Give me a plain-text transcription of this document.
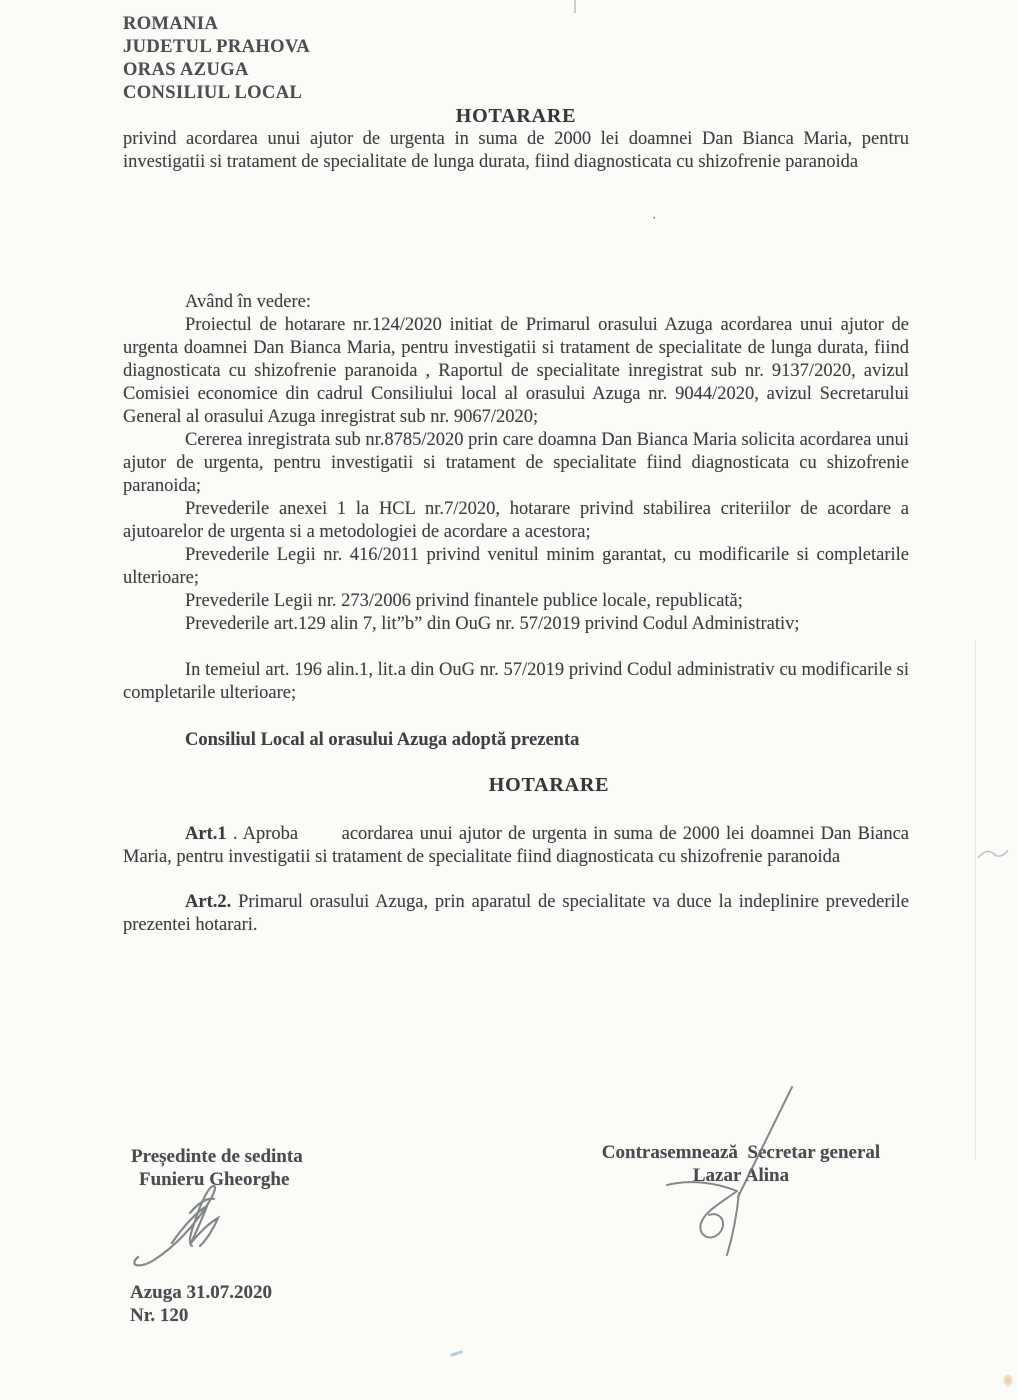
ROMANIA
JUDETUL PRAHOVA
ORAS AZUGA
CONSILIUL LOCAL

HOTARARE

privind acordarea unui ajutor de urgenta in suma de 2000 lei doamnei Dan Bianca Maria, pentru investigatii si tratament de specialitate de lunga durata, fiind diagnosticata cu shizofrenie paranoida

Având în vedere:

Proiectul de hotarare nr.124/2020 initiat de Primarul orasului Azuga acordarea unui ajutor de urgenta doamnei Dan Bianca Maria, pentru investigatii si tratament de specialitate de lunga durata, fiind diagnosticata cu shizofrenie paranoida , Raportul de specialitate inregistrat sub nr. 9137/2020, avizul Comisiei economice din cadrul Consiliului local al orasului Azuga nr. 9044/2020, avizul Secretarului General al orasului Azuga inregistrat sub nr. 9067/2020;

Cererea inregistrata sub nr.8785/2020 prin care doamna Dan Bianca Maria solicita acordarea unui ajutor de urgenta, pentru investigatii si tratament de specialitate fiind diagnosticata cu shizofrenie paranoida;

Prevederile anexei 1 la HCL nr.7/2020, hotarare privind stabilirea criteriilor de acordare a ajutoarelor de urgenta si a metodologiei de acordare a acestora;

Prevederile Legii nr. 416/2011 privind venitul minim garantat, cu modificarile si completarile ulterioare;

Prevederile Legii nr. 273/2006 privind finantele publice locale, republicată;

Prevederile art.129 alin 7, lit”b” din OuG nr. 57/2019 privind Codul Administrativ;

In temeiul art. 196 alin.1, lit.a din OuG nr. 57/2019 privind Codul administrativ cu modificarile si completarile ulterioare;

Consiliul Local al orasului Azuga adoptă prezenta

HOTARARE

Art.1 . Aproba       acordarea unui ajutor de urgenta in suma de 2000 lei doamnei Dan Bianca Maria, pentru investigatii si tratament de specialitate fiind diagnosticata cu shizofrenie paranoida

Art.2. Primarul orasului Azuga, prin aparatul de specialitate va duce la indeplinire prevederile prezentei hotarari.

Președinte de sedinta
Funieru Gheorghe
Contrasemnează  Secretar general
Lazar Alina
Azuga 31.07.2020
Nr. 120
·
